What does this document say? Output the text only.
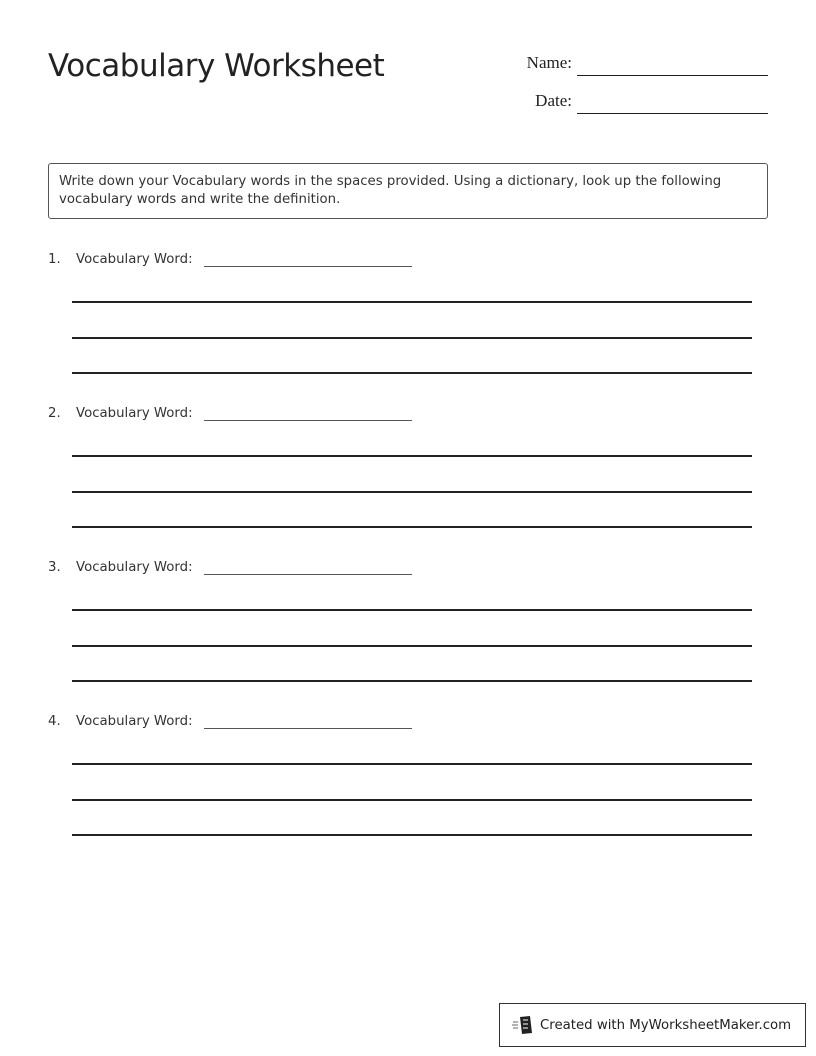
Vocabulary Worksheet	Name:
Date:
Write down your Vocabulary words in the spaces provided. Using a dictionary, look up the following vocabulary words and write the definition.
1. Vocabulary Word:
2. Vocabulary Word:
3. Vocabulary Word:
4. Vocabulary Word:
Created with MyWorksheetMaker.com
